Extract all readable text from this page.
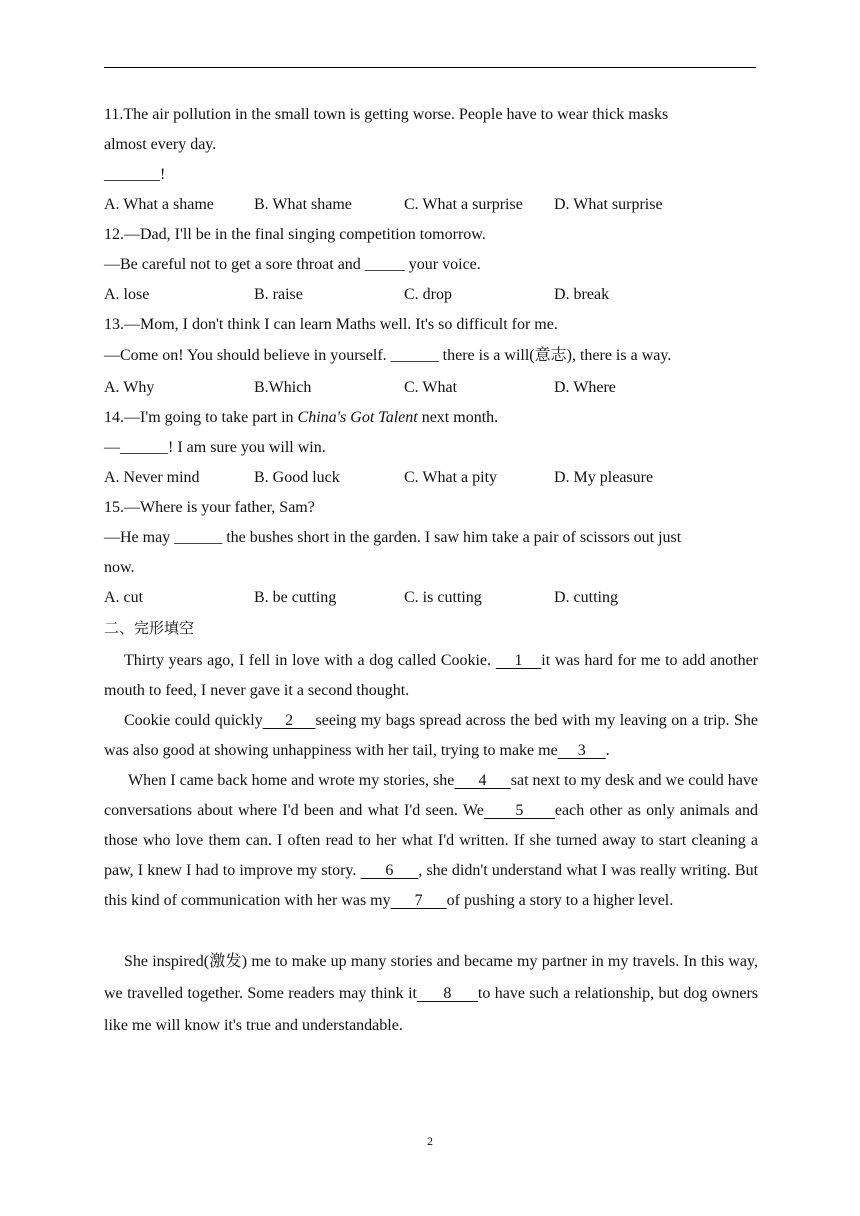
11.The air pollution in the small town is getting worse. People have to wear thick masks
almost every day.
_______!
A. What a shame	B. What shame	C. What a surprise D. What surprise
12.—Dad, I'll be in the final singing competition tomorrow.
—Be careful not to get a sore throat and _____ your voice.
A. lose	B. raise	C. drop	D. break
13.—Mom, I don't think I can learn Maths well. It's so difficult for me.
—Come on! You should believe in yourself. ______ there is a will(意志), there is a way.
A. Why	B.Which	C. What	D. Where
14.—I'm going to take part in China's Got Talent next month.
—______! I am sure you will win.
A. Never mind	B. Good luck	C. What a pity	D. My pleasure
15.—Where is your father, Sam?
—He may ______ the bushes short in the garden. I saw him take a pair of scissors out just
now.
A. cut	B. be cutting	C. is cutting	D. cutting
二、完形填空
Thirty years ago, I fell in love with a dog called Cookie.     1    it was hard for me to add another mouth to feed, I never gave it a second thought.
Cookie could quickly     2     seeing my bags spread across the bed with my leaving on a trip. She was also good at showing unhappiness with her tail, trying to make me     3     .
When I came back home and wrote my stories, she      4      sat next to my desk and we could have conversations about where I'd been and what I'd seen. We      5      each other as only animals and those who love them can. I often read to her what I'd written. If she turned away to start cleaning a paw, I knew I had to improve my story.       6      , she didn't understand what I was really writing. But this kind of communication with her was my      7      of pushing a story to a higher level.
She inspired(激发) me to make up many stories and became my partner in my travels. In this way, we travelled together. Some readers may think it      8      to have such a relationship, but dog owners like me will know it's true and understandable.
2
